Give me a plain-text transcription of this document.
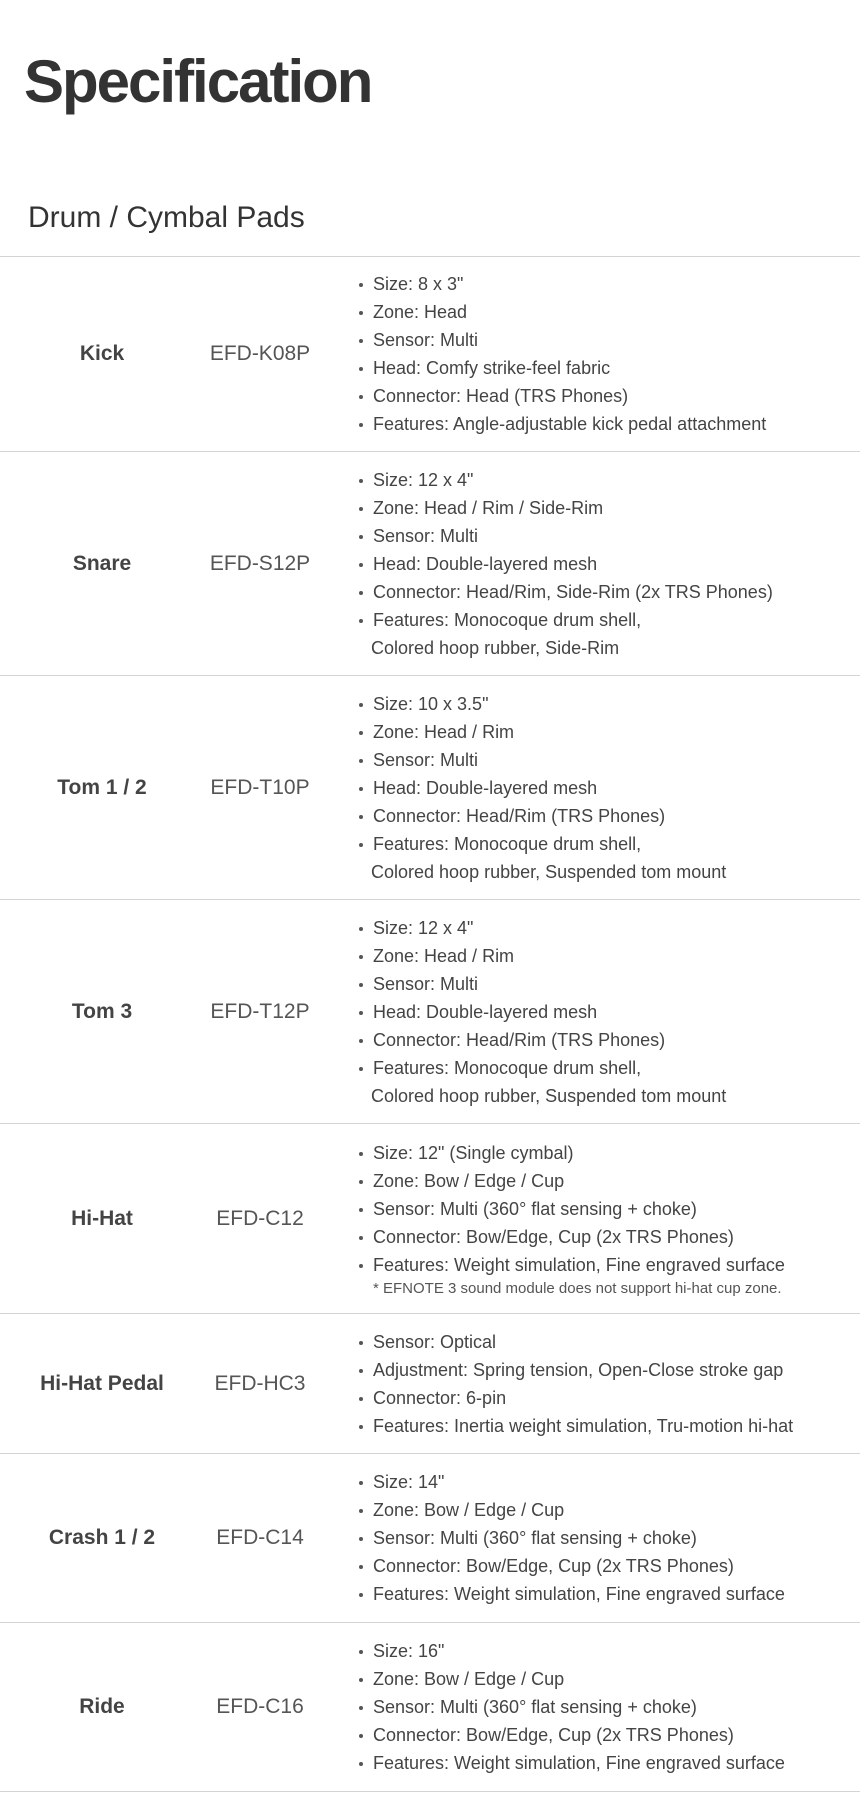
Specification
Drum / Cymbal Pads
Kick	EFD-K08P
Size: 8 x 3"
Zone: Head
Sensor: Multi
Head: Comfy strike-feel fabric
Connector: Head (TRS Phones)
Features: Angle-adjustable kick pedal attachment
Snare	EFD-S12P
Size: 12 x 4"
Zone: Head / Rim / Side-Rim
Sensor: Multi
Head: Double-layered mesh
Connector: Head/Rim, Side-Rim (2x TRS Phones)
Features: Monocoque drum shell,
Colored hoop rubber, Side-Rim
Tom 1 / 2	EFD-T10P
Size: 10 x 3.5"
Zone: Head / Rim
Sensor: Multi
Head: Double-layered mesh
Connector: Head/Rim (TRS Phones)
Features: Monocoque drum shell,
Colored hoop rubber, Suspended tom mount
Tom 3	EFD-T12P
Size: 12 x 4"
Zone: Head / Rim
Sensor: Multi
Head: Double-layered mesh
Connector: Head/Rim (TRS Phones)
Features: Monocoque drum shell,
Colored hoop rubber, Suspended tom mount
Hi-Hat	EFD-C12
Size: 12" (Single cymbal)
Zone: Bow / Edge / Cup
Sensor: Multi (360° flat sensing + choke)
Connector: Bow/Edge, Cup (2x TRS Phones)
Features: Weight simulation, Fine engraved surface
* EFNOTE 3 sound module does not support hi-hat cup zone.
Hi-Hat Pedal	EFD-HC3
Sensor: Optical
Adjustment: Spring tension, Open-Close stroke gap
Connector: 6-pin
Features: Inertia weight simulation, Tru-motion hi-hat
Crash 1 / 2	EFD-C14
Size: 14"
Zone: Bow / Edge / Cup
Sensor: Multi (360° flat sensing + choke)
Connector: Bow/Edge, Cup (2x TRS Phones)
Features: Weight simulation, Fine engraved surface
Ride	EFD-C16
Size: 16"
Zone: Bow / Edge / Cup
Sensor: Multi (360° flat sensing + choke)
Connector: Bow/Edge, Cup (2x TRS Phones)
Features: Weight simulation, Fine engraved surface
